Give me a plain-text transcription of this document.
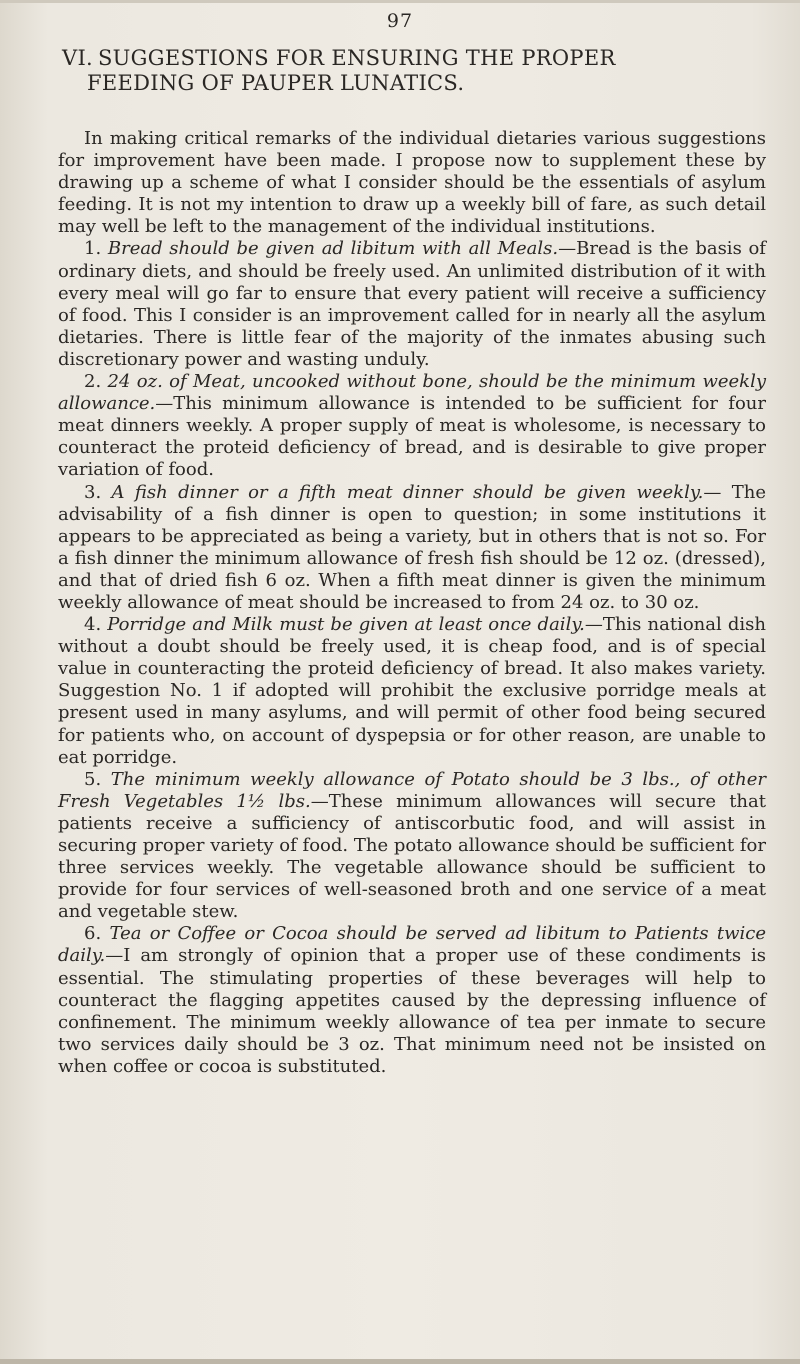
97
VI. SUGGESTIONS FOR ENSURING THE PROPER
FEEDING OF PAUPER LUNATICS.

In making critical remarks of the individual dietaries various suggestions for improvement have been made. I propose now to supplement these by drawing up a scheme of what I consider should be the essentials of asylum feeding. It is not my intention to draw up a weekly bill of fare, as such detail may well be left to the management of the individual institutions.

1. Bread should be given ad libitum with all Meals.—Bread is the basis of ordinary diets, and should be freely used. An unlimited distribution of it with every meal will go far to ensure that every patient will receive a sufficiency of food. This I consider is an improvement called for in nearly all the asylum dietaries. There is little fear of the majority of the inmates abusing such discretionary power and wasting unduly.

2. 24 oz. of Meat, uncooked without bone, should be the minimum weekly allowance.—This minimum allowance is intended to be sufficient for four meat dinners weekly. A proper supply of meat is wholesome, is necessary to counteract the proteid deficiency of bread, and is desirable to give proper variation of food.

3. A fish dinner or a fifth meat dinner should be given weekly.— The advisability of a fish dinner is open to question; in some institutions it appears to be appreciated as being a variety, but in others that is not so. For a fish dinner the minimum allowance of fresh fish should be 12 oz. (dressed), and that of dried fish 6 oz. When a fifth meat dinner is given the minimum weekly allowance of meat should be increased to from 24 oz. to 30 oz.

4. Porridge and Milk must be given at least once daily.—This national dish without a doubt should be freely used, it is cheap food, and is of special value in counteracting the proteid deficiency of bread. It also makes variety. Suggestion No. 1 if adopted will prohibit the exclusive porridge meals at present used in many asylums, and will permit of other food being secured for patients who, on account of dyspepsia or for other reason, are unable to eat porridge.

5. The minimum weekly allowance of Potato should be 3 lbs., of other Fresh Vegetables 1½ lbs.—These minimum allowances will secure that patients receive a sufficiency of antiscorbutic food, and will assist in securing proper variety of food. The potato allowance should be sufficient for three services weekly. The vegetable allowance should be sufficient to provide for four services of well-seasoned broth and one service of a meat and vegetable stew.

6. Tea or Coffee or Cocoa should be served ad libitum to Patients twice daily.—I am strongly of opinion that a proper use of these condiments is essential. The stimulating properties of these beverages will help to counteract the flagging appetites caused by the depressing influence of confinement. The minimum weekly allowance of tea per inmate to secure two services daily should be 3 oz. That minimum need not be insisted on when coffee or cocoa is substituted.
